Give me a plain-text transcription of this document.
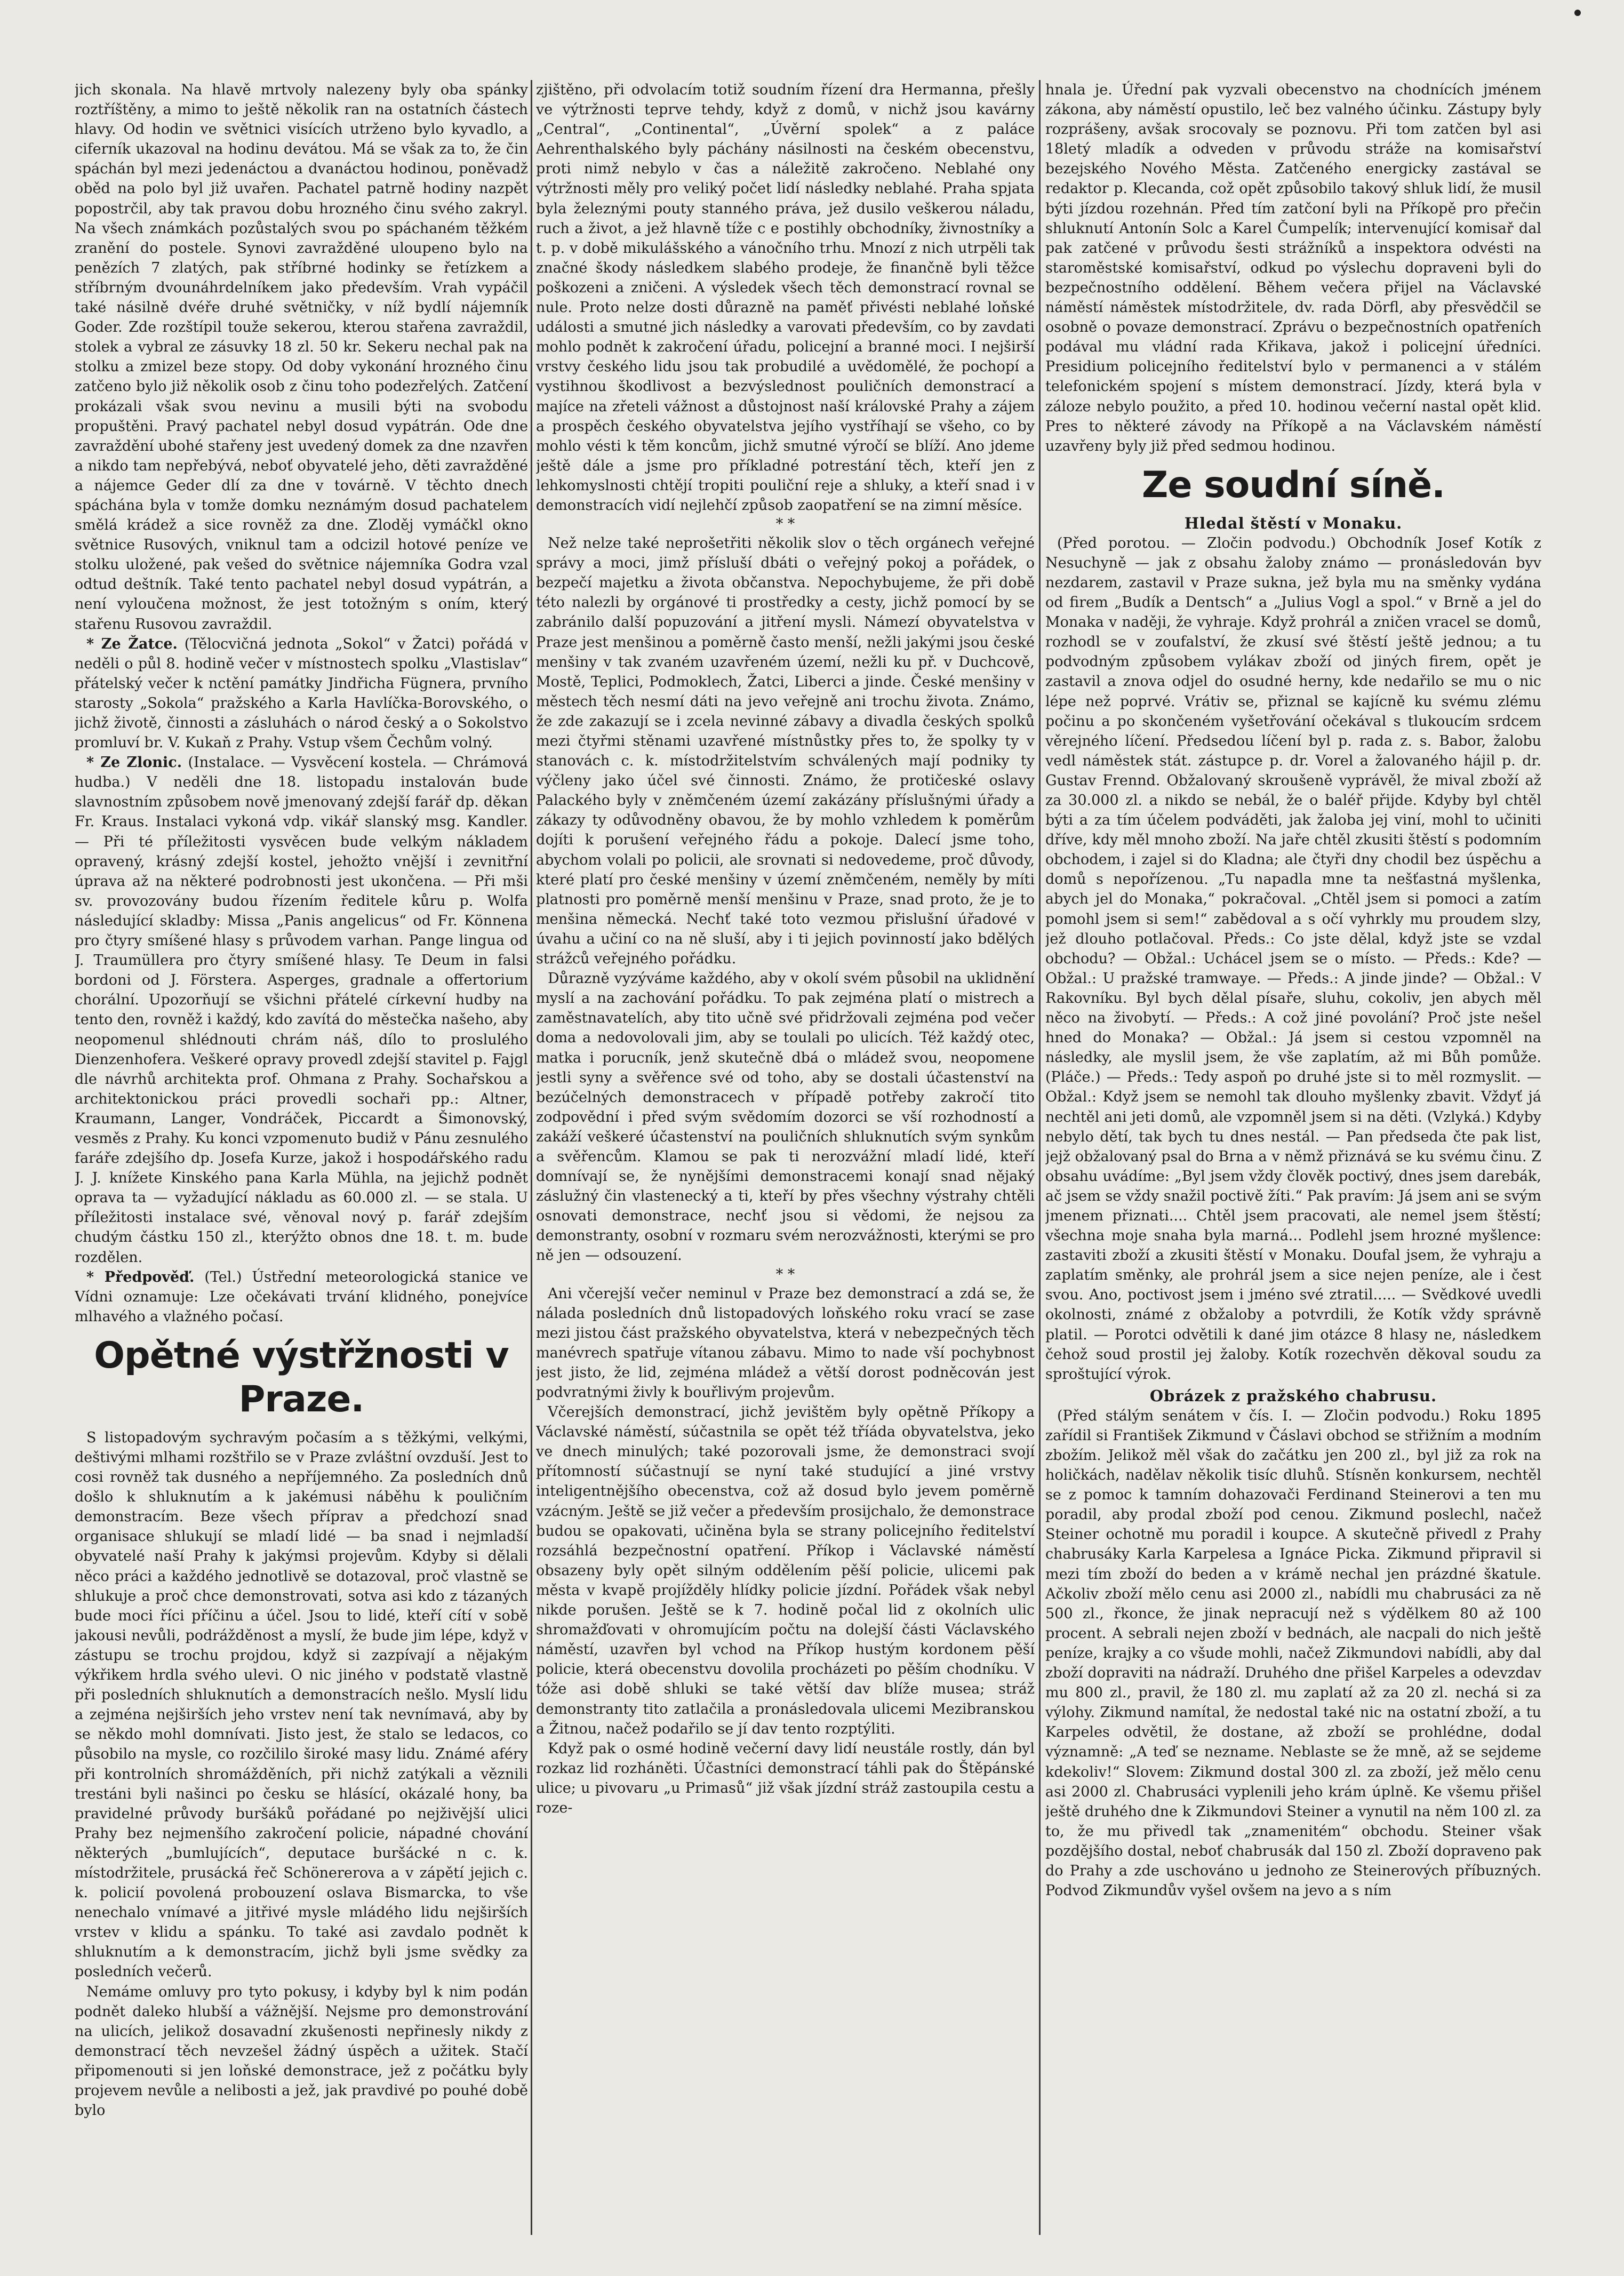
jich skonala. Na hlavě mrtvoly nalezeny byly oba spánky roztříštěny, a mimo to ještě několik ran na ostatních částech hlavy. Od hodin ve světnici visících utrženo bylo kyvadlo, a ciferník ukazoval na hodinu devátou. Má se však za to, že čin spáchán byl mezi jedenáctou a dvanáctou hodinou, poněvadž oběd na polo byl již uvařen. Pachatel patrně hodiny nazpět popostrčil, aby tak pravou dobu hrozného činu svého zakryl. Na všech známkách pozůstalých svou po spáchaném těžkém zranění do postele. Synovi zavražděné uloupeno bylo na penězích 7 zlatých, pak stříbrné hodinky se řetízkem a stříbrným dvounáhrdelníkem jako především. Vrah vypáčil také násilně dvéře druhé světničky, v níž bydlí nájemník Goder. Zde rozštípil touže sekerou, kterou stařena zavraždil, stolek a vybral ze zásuvky 18 zl. 50 kr. Sekeru nechal pak na stolku a zmizel beze stopy. Od doby vykonání hrozného činu zatčeno bylo již několik osob z činu toho podezřelých. Zatčení prokázali však svou nevinu a musili býti na svobodu propuštěni. Pravý pachatel nebyl dosud vypátrán. Ode dne zavraždění ubohé stařeny jest uvedený domek za dne nzavřen a nikdo tam nepřebývá, neboť obyvatelé jeho, děti zavražděné a nájemce Geder dlí za dne v továrně. V těchto dnech spáchána byla v tomže domku neznámým dosud pachatelem smělá krádež a sice rovněž za dne. Zloděj vymáčkl okno světnice Rusových, vniknul tam a odcizil hotové peníze ve stolku uložené, pak vešed do světnice nájemníka Godra vzal odtud deštník. Také tento pachatel nebyl dosud vypátrán, a není vyloučena možnost, že jest totožným s oním, který stařenu Rusovou zavraždil.

* Ze Žatce. (Tělocvičná jednota „Sokol“ v Žatci) pořádá v neděli o půl 8. hodině večer v místnostech spolku „Vlastislav“ přátelský večer k nctění památky Jindřicha Fügnera, prvního starosty „Sokola“ pražského a Karla Havlíčka-Borovského, o jichž životě, činnosti a zásluhách o národ český a o Sokolstvo promluví br. V. Kukaň z Prahy. Vstup všem Čechům volný.

* Ze Zlonic. (Instalace. — Vysvěcení kostela. — Chrámová hudba.) V neděli dne 18. listopadu instalován bude slavnostním způsobem nově jmenovaný zdejší farář dp. děkan Fr. Kraus. Instalaci vykoná vdp. vikář slanský msg. Kandler. — Při té příležitosti vysvěcen bude velkým nákladem opravený, krásný zdejší kostel, jehožto vnější i zevnitřní úprava až na některé podrobnosti jest ukončena. — Při mši sv. provozovány budou řízením ředitele kůru p. Wolfa následující skladby: Missa „Panis angelicus“ od Fr. Könnena pro čtyry smíšené hlasy s průvodem varhan. Pange lingua od J. Traumüllera pro čtyry smíšené hlasy. Te Deum in falsi bordoni od J. Förstera. Asperges, gradnale a offertorium chorální. Upozorňují se všichni přátelé církevní hudby na tento den, rovněž i každý, kdo zavítá do městečka našeho, aby neopomenul shlédnouti chrám náš, dílo to proslulého Dienzenhofera. Veškeré opravy provedl zdejší stavitel p. Fajgl dle návrhů architekta prof. Ohmana z Prahy. Sochařskou a architektonickou práci provedli sochaři pp.: Altner, Kraumann, Langer, Vondráček, Piccardt a Šimonovský, vesměs z Prahy. Ku konci vzpomenuto budiž v Pánu zesnulého faráře zdejšího dp. Josefa Kurze, jakož i hospodářského radu J. J. knížete Kinského pana Karla Mühla, na jejichž podnět oprava ta — vyžadující nákladu as 60.000 zl. — se stala. U příležitosti instalace své, věnoval nový p. farář zdejším chudým částku 150 zl., kterýžto obnos dne 18. t. m. bude rozdělen.

* Předpověď. (Tel.) Ústřední meteorologická stanice ve Vídni oznamuje: Lze očekávati trvání klidného, ponejvíce mlhavého a vlažného počasí.

Opětné výstřžnosti v Praze.

S listopadovým sychravým počasím a s těžkými, velkými, deštivými mlhami rozštřilo se v Praze zvláštní ovzduší. Jest to cosi rovněž tak dusného a nepříjemného. Za posledních dnů došlo k shluknutím a k jakémusi náběhu k pouličním demonstracím. Beze všech příprav a předchozí snad organisace shlukují se mladí lidé — ba snad i nejmladší obyvatelé naší Prahy k jakýmsi projevům. Kdyby si dělali něco práci a každého jednotlivě se dotazoval, proč vlastně se shlukuje a proč chce demonstrovati, sotva asi kdo z tázaných bude moci říci příčinu a účel. Jsou to lidé, kteří cítí v sobě jakousi nevůli, podrážděnost a myslí, že bude jim lépe, když v zástupu se trochu projdou, když si zazpívají a nějakým výkřikem hrdla svého ulevi. O nic jiného v podstatě vlastně při posledních shluknutích a demonstracích nešlo. Myslí lidu a zejména nejširších jeho vrstev není tak nevnímavá, aby by se někdo mohl domnívati. Jisto jest, že stalo se ledacos, co působilo na mysle, co rozčililo široké masy lidu. Známé aféry při kontrolních shromážděních, při nichž zatýkali a věznili trestáni byli našinci po česku se hlásící, okázalé hony, ba pravidelné průvody buršáků pořádané po nejživější ulici Prahy bez nejmenšího zakročení policie, nápadné chování některých „bumlujících“, deputace buršácké n c. k. místodržitele, prusácká řeč Schönererova a v zápětí jejich c. k. policií povolená probouzení oslava Bismarcka, to vše nenechalo vnímavé a jitřivé mysle mládého lidu nejširších vrstev v klidu a spánku. To také asi zavdalo podnět k shluknutím a k demonstracím, jichž byli jsme svědky za posledních večerů.

Nemáme omluvy pro tyto pokusy, i kdyby byl k nim podán podnět daleko hlubší a vážnější. Nejsme pro demonstrování na ulicích, jelikož dosavadní zkušenosti nepřinesly nikdy z demonstrací těch nevzešel žádný úspěch a užitek. Stačí připomenouti si jen loňské demonstrace, jež z počátku byly projevem nevůle a nelibosti a jež, jak pravdivé po pouhé době bylo

zjištěno, při odvolacím totiž soudním řízení dra Hermanna, přešly ve výtržnosti teprve tehdy, když z domů, v nichž jsou kavárny „Central“, „Continental“, „Úvěrní spolek“ a z paláce Aehrenthalského byly páchány násilnosti na českém obecenstvu, proti nimž nebylo v čas a náležitě zakročeno. Neblahé ony výtržnosti měly pro veliký počet lidí následky neblahé. Praha spjata byla železnými pouty stanného práva, jež dusilo veškerou náladu, ruch a život, a jež hlavně tíže c e postihly obchodníky, živnostníky a t. p. v době mikulášského a vánočního trhu. Mnozí z nich utrpěli tak značné škody následkem slabého prodeje, že finančně byli těžce poškozeni a zničeni. A výsledek všech těch demonstrací rovnal se nule. Proto nelze dosti důrazně na paměť přivésti neblahé loňské události a smutné jich následky a varovati především, co by zavdati mohlo podnět k zakročení úřadu, policejní a branné moci. I nejširší vrstvy českého lidu jsou tak probudilé a uvědomělé, že pochopí a vystihnou škodlivost a bezvýslednost pouličních demonstrací a majíce na zřeteli vážnost a důstojnost naší královské Prahy a zájem a prospěch českého obyvatelstva jejího vystříhají se všeho, co by mohlo vésti k těm koncům, jichž smutné výročí se blíží. Ano jdeme ještě dále a jsme pro příkladné potrestání těch, kteří jen z lehkomyslnosti chtějí tropiti pouliční reje a shluky, a kteří snad i v demonstracích vidí nejlehčí způsob zaopatření se na zimní měsíce.

* *

Než nelze také neprošetřiti několik slov o těch orgánech veřejné správy a moci, jimž přísluší dbáti o veřejný pokoj a pořádek, o bezpečí majetku a života občanstva. Nepochybujeme, že při době této nalezli by orgánové ti prostředky a cesty, jichž pomocí by se zabránilo další popuzování a jitření mysli. Námezí obyvatelstva v Praze jest menšinou a poměrně často menší, nežli jakými jsou české menšiny v tak zvaném uzavřeném území, nežli ku př. v Duchcově, Mostě, Teplici, Podmoklech, Žatci, Liberci a jinde. České menšiny v městech těch nesmí dáti na jevo veřejně ani trochu života. Známo, že zde zakazují se i zcela nevinné zábavy a divadla českých spolků mezi čtyřmi stěnami uzavřené místnůstky přes to, že spolky ty v stanovách c. k. místodržitelstvím schválených mají podniky ty výčleny jako účel své činnosti. Známo, že protičeské oslavy Palackého byly v zněmčeném území zakázány příslušnými úřady a zákazy ty odůvodněny obavou, že by mohlo vzhledem k poměrům dojíti k porušení veřejného řádu a pokoje. Dalecí jsme toho, abychom volali po policii, ale srovnati si nedovedeme, proč důvody, které platí pro české menšiny v území zněmčeném, neměly by míti platnosti pro poměrně menší menšinu v Praze, snad proto, že je to menšina německá. Nechť také toto vezmou přislušní úřadové v úvahu a učiní co na ně sluší, aby i ti jejich povinností jako bdělých strážců veřejného pořádku.

Důrazně vyzýváme každého, aby v okolí svém působil na uklidnění myslí a na zachování pořádku. To pak zejména platí o mistrech a zaměstnavatelích, aby tito učně své přidržovali zejména pod večer doma a nedovolovali jim, aby se toulali po ulicích. Též každý otec, matka i porucník, jenž skutečně dbá o mládež svou, neopomene jestli syny a svěřence své od toho, aby se dostali účastenství na bezúčelných demonstracech v případě potřeby zakročí tito zodpovědní i před svým svědomím dozorci se vší rozhodností a zakáží veškeré účastenství na pouličních shluknutích svým synkům a svěřencům. Klamou se pak ti nerozvážní mladí lidé, kteří domnívají se, že nynějšími demonstracemi konají snad nějaký záslužný čin vlastenecký a ti, kteří by přes všechny výstrahy chtěli osnovati demonstrace, nechť jsou si vědomi, že nejsou za demonstranty, osobní v rozmaru svém nerozvážnosti, kterými se pro ně jen — odsouzení.

* *

Ani včerejší večer neminul v Praze bez demonstrací a zdá se, že nálada posledních dnů listopadových loňského roku vrací se zase mezi jistou část pražského obyvatelstva, která v nebezpečných těch manévrech spatřuje vítanou zábavu. Mimo to nade vší pochybnost jest jisto, že lid, zejména mládež a větší dorost podněcován jest podvratnými živly k bouřlivým projevům.

Včerejších demonstrací, jichž jevištěm byly opětně Příkopy a Václavské náměstí, súčastnila se opět též tříáda obyvatelstva, jeko ve dnech minulých; také pozorovali jsme, že demonstraci svojí přítomností súčastnují se nyní také studující a jiné vrstvy inteligentnějšího obecenstva, což až dosud bylo jevem poměrně vzácným. Ještě se již večer a především prosijchalo, že demonstrace budou se opakovati, učiněna byla se strany policejního ředitelství rozsáhlá bezpečnostní opatření. Příkop i Václavské náměstí obsazeny byly opět silným oddělením pěší policie, ulicemi pak města v kvapě projížděly hlídky policie jízdní. Pořádek však nebyl nikde porušen. Ještě se k 7. hodině počal lid z okolních ulic shromažďovati v ohromujícím počtu na dolejší části Václavského náměstí, uzavřen byl vchod na Příkop hustým kordonem pěší policie, která obecenstvu dovolila procházeti po pěším chodníku. V tóže asi době shluki se také větší dav blíže musea; stráž demonstranty tito zatlačila a pronásledovala ulicemi Mezibranskou a Žitnou, načež podařilo se jí dav tento rozptýliti.

Když pak o osmé hodině večerní davy lidí neustále rostly, dán byl rozkaz lid rozháněti. Účastníci demonstrací táhli pak do Štěpánské ulice; u pivovaru „u Primasů“ již však jízdní stráž zastoupila cestu a roze-

hnala je. Úřední pak vyzvali obecenstvo na chodnících jménem zákona, aby náměstí opustilo, leč bez valného účinku. Zástupy byly rozprášeny, avšak srocovaly se poznovu. Při tom zatčen byl asi 18letý mladík a odveden v průvodu stráže na komisařství bezejského Nového Města. Zatčeného energicky zastával se redaktor p. Klecanda, což opět způsobilo takový shluk lidí, že musil býti jízdou rozehnán. Před tím zatčoní byli na Příkopě pro přečin shluknutí Antonín Solc a Karel Čumpelík; intervenující komisař dal pak zatčené v průvodu šesti strážníků a inspektora odvésti na staroměstské komisařství, odkud po výslechu dopraveni byli do bezpečnostního oddělení. Během večera přijel na Václavské náměstí náměstek místodržitele, dv. rada Dörfl, aby přesvědčil se osobně o povaze demonstrací. Zprávu o bezpečnostních opatřeních podával mu vládní rada Křikava, jakož i policejní úředníci. Presidium policejního ředitelství bylo v permanenci a v stálém telefonickém spojení s místem demonstrací. Jízdy, která byla v záloze nebylo použito, a před 10. hodinou večerní nastal opět klid. Pres to některé závody na Příkopě a na Václavském náměstí uzavřeny byly již před sedmou hodinou.

Ze soudní síně.

Hledal štěstí v Monaku.

(Před porotou. — Zločin podvodu.) Obchodník Josef Kotík z Nesuchyně — jak z obsahu žaloby známo — pronásledován byv nezdarem, zastavil v Praze sukna, jež byla mu na směnky vydána od firem „Budík a Dentsch“ a „Julius Vogl a spol.“ v Brně a jel do Monaka v naději, že vyhraje. Když prohrál a zničen vracel se domů, rozhodl se v zoufalství, že zkusí své štěstí ještě jednou; a tu podvodným způsobem vylákav zboží od jiných firem, opět je zastavil a znova odjel do osudné herny, kde nedařilo se mu o nic lépe než poprvé. Vrátiv se, přiznal se kajícně ku svému zlému počinu a po skončeném vyšetřování očekával s tlukoucím srdcem věrejného líčení. Předsedou líčení byl p. rada z. s. Babor, žalobu vedl náměstek stát. zástupce p. dr. Vorel a žalovaného hájil p. dr. Gustav Frennd. Obžalovaný skroušeně vyprávěl, že mival zboží až za 30.000 zl. a nikdo se nebál, že o baléř přijde. Kdyby byl chtěl býti a za tím účelem podváděti, jak žaloba jej viní, mohl to učiniti dříve, kdy měl mnoho zboží. Na jaře chtěl zkusiti štěstí s podomním obchodem, i zajel si do Kladna; ale čtyři dny chodil bez úspěchu a domů s nepořízenou. „Tu napadla mne ta nešťastná myšlenka, abych jel do Monaka,“ pokračoval. „Chtěl jsem si pomoci a zatím pomohl jsem si sem!“ zabědoval a s očí vyhrkly mu proudem slzy, jež dlouho potlačoval. Předs.: Co jste dělal, když jste se vzdal obchodu? — Obžal.: Uchácel jsem se o místo. — Předs.: Kde? — Obžal.: U pražské tramwaye. — Předs.: A jinde jinde? — Obžal.: V Rakovníku. Byl bych dělal písaře, sluhu, cokoliv, jen abych měl něco na živobytí. — Předs.: A což jiné povolání? Proč jste nešel hned do Monaka? — Obžal.: Já jsem si cestou vzpomněl na následky, ale myslil jsem, že vše zaplatím, až mi Bůh pomůže. (Pláče.) — Předs.: Tedy aspoň po druhé jste si to měl rozmyslit. — Obžal.: Když jsem se nemohl tak dlouho myšlenky zbavit. Vždyť já nechtěl ani jeti domů, ale vzpomněl jsem si na děti. (Vzlyká.) Kdyby nebylo dětí, tak bych tu dnes nestál. — Pan předseda čte pak list, jejž obžalovaný psal do Brna a v němž přiznává se ku svému činu. Z obsahu uvádíme: „Byl jsem vždy člověk poctivý, dnes jsem darebák, ač jsem se vždy snažil poctivě žíti.“ Pak pravím: Já jsem ani se svým jmenem přiznati.... Chtěl jsem pracovati, ale nemel jsem štěstí; všechna moje snaha byla marná... Podlehl jsem hrozné myšlence: zastaviti zboží a zkusiti štěstí v Monaku. Doufal jsem, že vyhraju a zaplatím směnky, ale prohrál jsem a sice nejen peníze, ale i čest svou. Ano, poctivost jsem i jméno své ztratil..... — Svědkové uvedli okolnosti, známé z obžaloby a potvrdili, že Kotík vždy správně platil. — Porotci odvětili k dané jim otázce 8 hlasy ne, následkem čehož soud prostil jej žaloby. Kotík rozechvěn děkoval soudu za sproštující výrok.

Obrázek z pražského chabrusu.

(Před stálým senátem v čís. I. — Zločin podvodu.) Roku 1895 zařídil si František Zikmund v Čáslavi obchod se střižním a modním zbožím. Jelikož měl však do začátku jen 200 zl., byl již za rok na holičkách, nadělav několik tisíc dluhů. Stísněn konkursem, nechtěl se z pomoc k tamním dohazovači Ferdinand Steinerovi a ten mu poradil, aby prodal zboží pod cenou. Zikmund poslechl, načež Steiner ochotně mu poradil i koupce. A skutečně přivedl z Prahy chabrusáky Karla Karpelesa a Ignáce Picka. Zikmund připravil si mezi tím zboží do beden a v krámě nechal jen prázdné škatule. Ačkoliv zboží mělo cenu asi 2000 zl., nabídli mu chabrusáci za ně 500 zl., řkonce, že jinak nepracují než s výdělkem 80 až 100 procent. A sebrali nejen zboží v bednách, ale nacpali do nich ještě peníze, krajky a co všude mohli, načež Zikmundovi nabídli, aby dal zboží dopraviti na nádraží. Druhého dne přišel Karpeles a odevzdav mu 800 zl., pravil, že 180 zl. mu zaplatí až za 20 zl. nechá si za výlohy. Zikmund namítal, že nedostal také nic na ostatní zboží, a tu Karpeles odvětil, že dostane, až zboží se prohlédne, dodal významně: „A teď se nezname. Neblaste se že mně, až se sejdeme kdekoliv!“ Slovem: Zikmund dostal 300 zl. za zboží, jež mělo cenu asi 2000 zl. Chabrusáci vyplenili jeho krám úplně. Ke všemu přišel ještě druhého dne k Zikmundovi Steiner a vynutil na něm 100 zl. za to, že mu přivedl tak „znamenitém“ obchodu. Steiner však pozdějšího dostal, neboť chabrusák dal 150 zl. Zboží dopraveno pak do Prahy a zde uschováno u jednoho ze Steinerových příbuzných. Podvod Zikmundův vyšel ovšem na jevo a s ním
